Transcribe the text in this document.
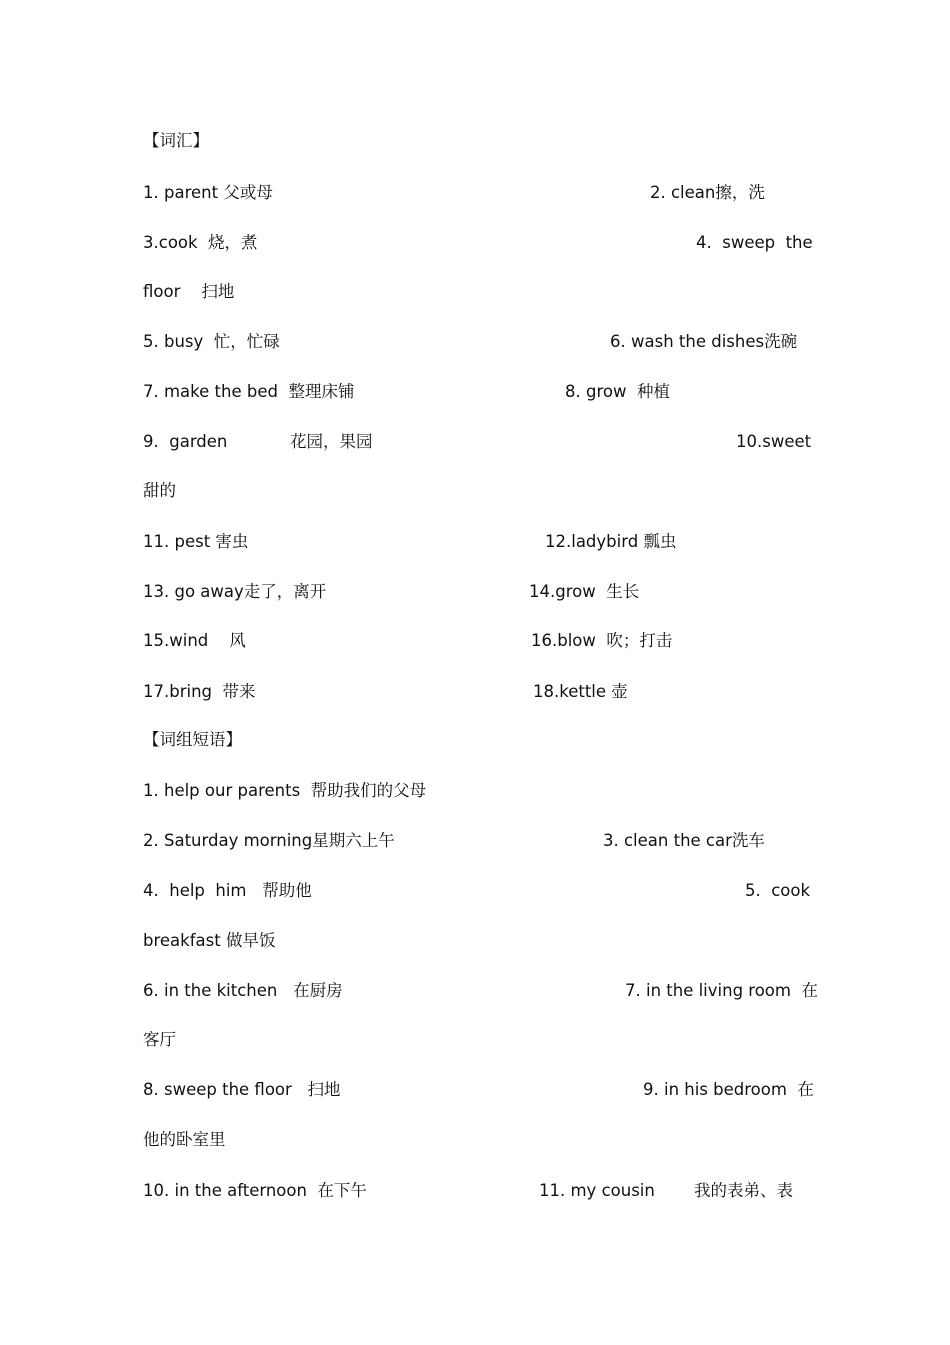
【词汇】
1. parent 父或母	2. clean擦，洗
3.cook  烧，煮	4.  sweep  the
floor    扫地
5. busy  忙，忙碌	6. wash the dishes洗碗
7. make the bed  整理床铺	8. grow  种植
9.  garden	花园，果园	10.sweet
甜的
11. pest 害虫	12.ladybird 瓢虫
13. go away走了，离开	14.grow  生长
15.wind    风	16.blow  吹；打击
17.bring  带来	18.kettle 壶
【词组短语】
1. help our parents  帮助我们的父母
2. Saturday morning星期六上午	3. clean the car洗车
4.  help  him   帮助他	5.  cook
breakfast 做早饭
6. in the kitchen   在厨房	7. in the living room  在
客厅
8. sweep the floor   扫地	9. in his bedroom  在
他的卧室里
10. in the afternoon  在下午	11. my cousin 我的表弟、表
